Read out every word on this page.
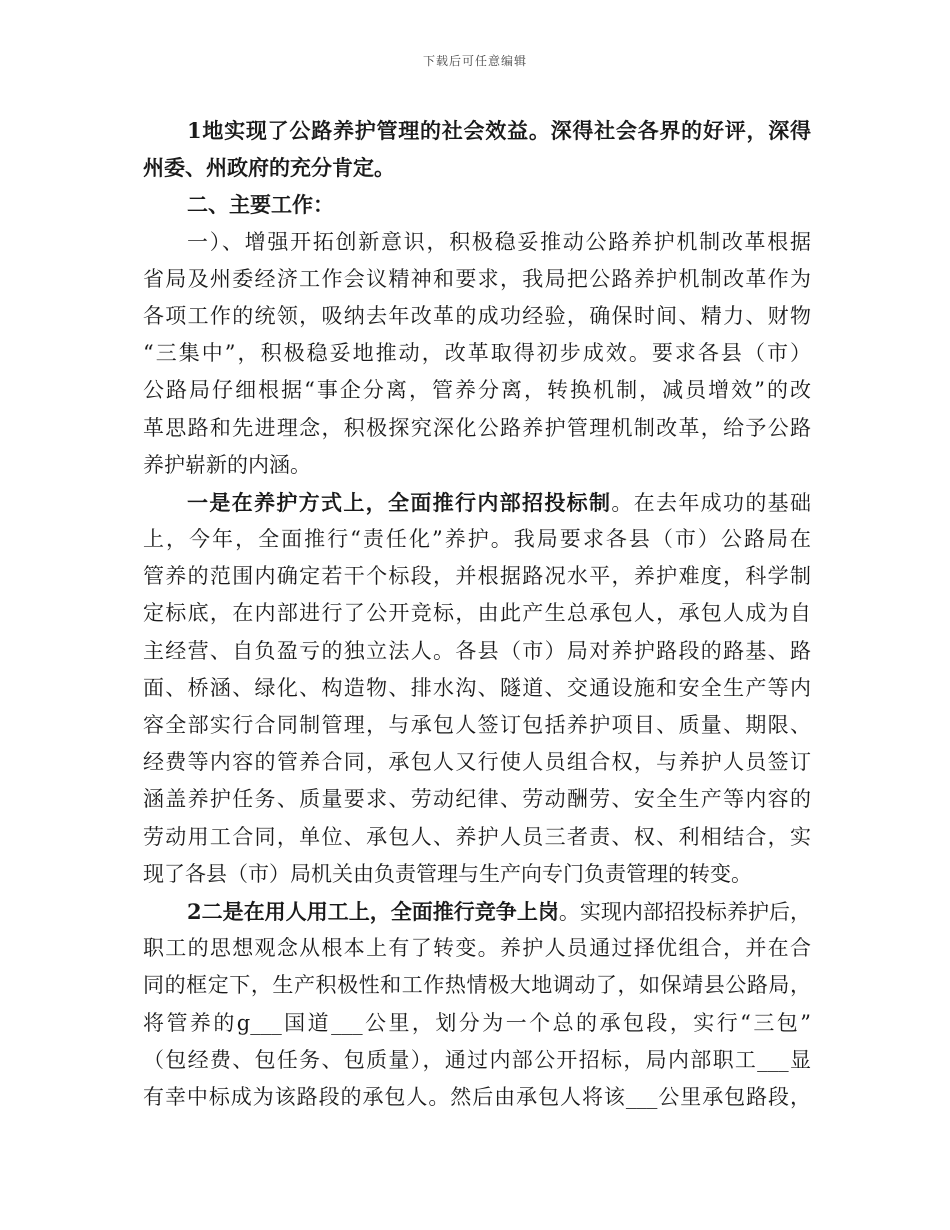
下载后可任意编辑
1地实现了公路养护管理的社会效益。深得社会各界的好评，深得
州委、州政府的充分肯定。
二、主要工作：
一）、增强开拓创新意识，积极稳妥推动公路养护机制改革根据
省局及州委经济工作会议精神和要求，我局把公路养护机制改革作为
各项工作的统领，吸纳去年改革的成功经验，确保时间、精力、财物
“三集中”，积极稳妥地推动，改革取得初步成效。要求各县（市）
公路局仔细根据“事企分离，管养分离，转换机制，减员增效”的改
革思路和先进理念，积极探究深化公路养护管理机制改革，给予公路
养护崭新的内涵。
一是在养护方式上，全面推行内部招投标制。在去年成功的基础
上，今年，全面推行“责任化”养护。我局要求各县（市）公路局在
管养的范围内确定若干个标段，并根据路况水平，养护难度，科学制
定标底，在内部进行了公开竞标，由此产生总承包人，承包人成为自
主经营、自负盈亏的独立法人。各县（市）局对养护路段的路基、路
面、桥涵、绿化、构造物、排水沟、隧道、交通设施和安全生产等内
容全部实行合同制管理，与承包人签订包括养护项目、质量、期限、
经费等内容的管养合同，承包人又行使人员组合权，与养护人员签订
涵盖养护任务、质量要求、劳动纪律、劳动酬劳、安全生产等内容的
劳动用工合同，单位、承包人、养护人员三者责、权、利相结合，实
现了各县（市）局机关由负责管理与生产向专门负责管理的转变。
2二是在用人用工上，全面推行竞争上岗。实现内部招投标养护后，
职工的思想观念从根本上有了转变。养护人员通过择优组合，并在合
同的框定下，生产积极性和工作热情极大地调动了，如保靖县公路局，
将管养的g___国道___公里，划分为一个总的承包段，实行“三包”
（包经费、包任务、包质量），通过内部公开招标，局内部职工___显
有幸中标成为该路段的承包人。然后由承包人将该___公里承包路段，
